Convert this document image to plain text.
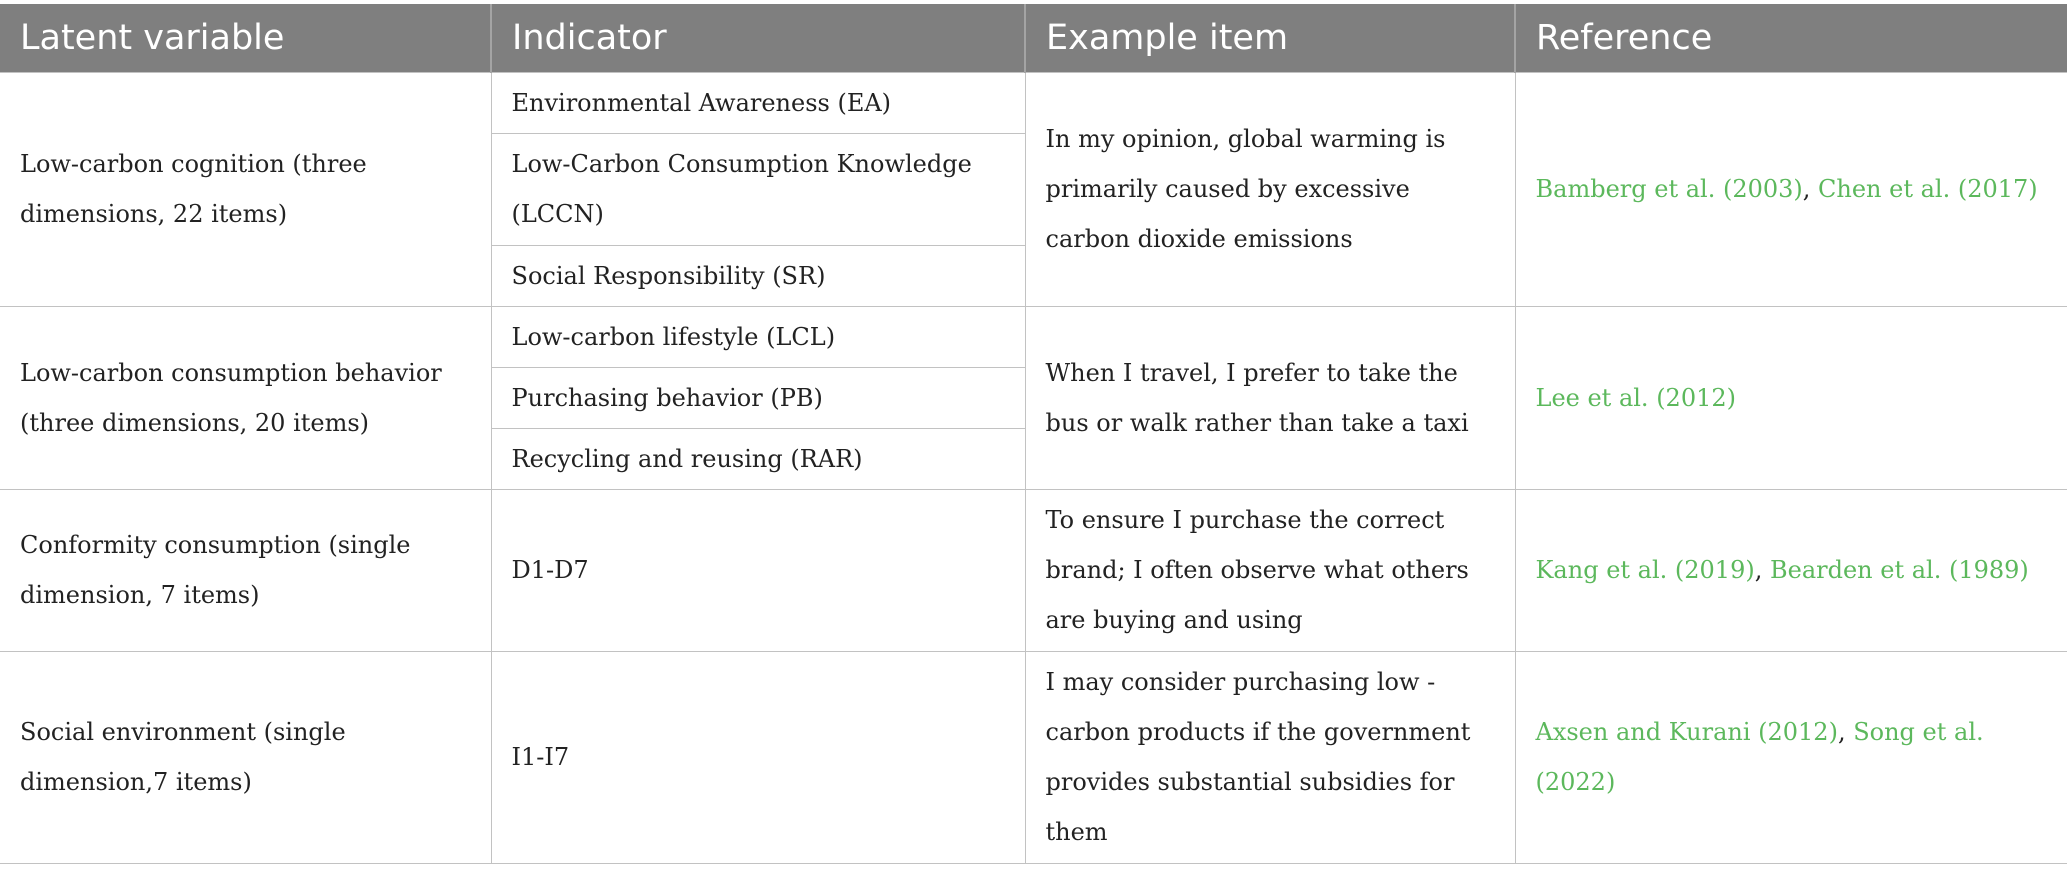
Latent variable	Indicator	Example item	Reference
Low-carbon cognition (three dimensions, 22 items)	Environmental Awareness (EA)	In my opinion, global warming is primarily caused by excessive carbon dioxide emissions	Bamberg et al. (2003), Chen et al. (2017)
	Low-Carbon Consumption Knowledge (LCCN)		
	Social Responsibility (SR)		
Low-carbon consumption behavior (three dimensions, 20 items)	Low-carbon lifestyle (LCL)	When I travel, I prefer to take the bus or walk rather than take a taxi	Lee et al. (2012)
	Purchasing behavior (PB)		
	Recycling and reusing (RAR)		
Conformity consumption (single dimension, 7 items)	D1-D7	To ensure I purchase the correct brand; I often observe what others are buying and using	Kang et al. (2019), Bearden et al. (1989)
Social environment (single dimension,7 items)	I1-I7	I may consider purchasing low -carbon products if the government provides substantial subsidies for them	Axsen and Kurani (2012), Song et al. (2022)
